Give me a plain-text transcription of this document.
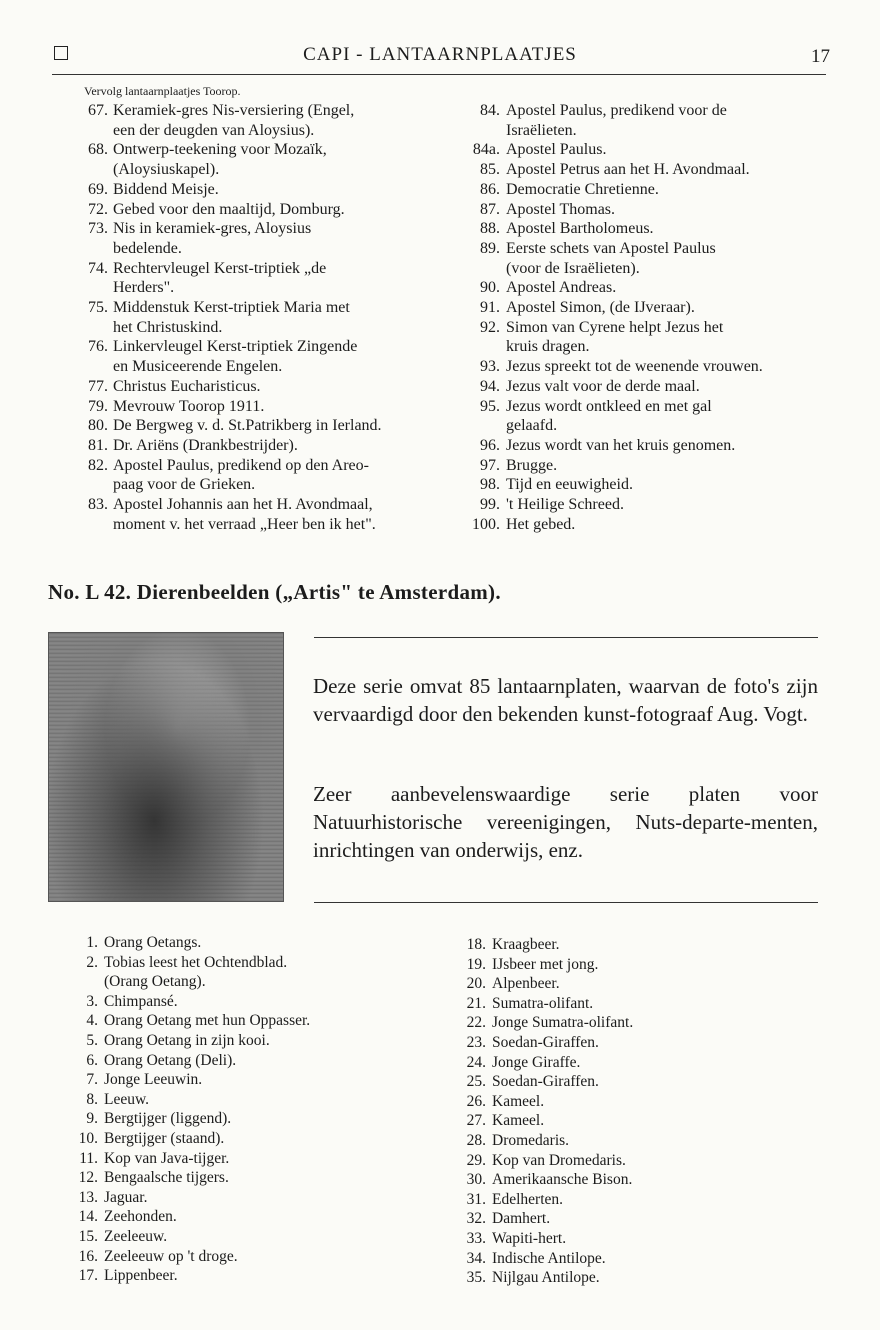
CAPI - LANTAARNPLAATJES	17
Vervolg lantaarnplaatjes Toorop.
67. Keramiek-gres Nis-versiering (Engel,
een der deugden van Aloysius).
68. Ontwerp-teekening voor Mozaïk,
(Aloysiuskapel).
69. Biddend Meisje.
72. Gebed voor den maaltijd, Domburg.
73. Nis in keramiek-gres, Aloysius
bedelende.
74. Rechtervleugel Kerst-triptiek „de
Herders".
75. Middenstuk Kerst-triptiek Maria met
het Christuskind.
76. Linkervleugel Kerst-triptiek Zingende
en Musiceerende Engelen.
77. Christus Eucharisticus.
79. Mevrouw Toorop 1911.
80. De Bergweg v. d. St.Patrikberg in Ierland.
81. Dr. Ariëns (Drankbestrijder).
82. Apostel Paulus, predikend op den Areo-
paag voor de Grieken.
83. Apostel Johannis aan het H. Avondmaal,
moment v. het verraad „Heer ben ik het".
84. Apostel Paulus, predikend voor de
Israëlieten.
84a. Apostel Paulus.
85. Apostel Petrus aan het H. Avondmaal.
86. Democratie Chretienne.
87. Apostel Thomas.
88. Apostel Bartholomeus.
89. Eerste schets van Apostel Paulus
(voor de Israëlieten).
90. Apostel Andreas.
91. Apostel Simon, (de IJveraar).
92. Simon van Cyrene helpt Jezus het
kruis dragen.
93. Jezus spreekt tot de weenende vrouwen.
94. Jezus valt voor de derde maal.
95. Jezus wordt ontkleed en met gal
gelaafd.
96. Jezus wordt van het kruis genomen.
97. Brugge.
98. Tijd en eeuwigheid.
99. 't Heilige Schreed.
100. Het gebed.
No. L 42. Dierenbeelden („Artis" te Amsterdam).

Deze serie omvat 85 lantaarnplaten, waarvan de foto's zijn vervaardigd door den bekenden kunst-fotograaf Aug. Vogt.

Zeer aanbevelenswaardige serie platen voor Natuurhistorische vereenigingen, Nuts-departe-menten, inrichtingen van onderwijs, enz.

1. Orang Oetangs.
2. Tobias leest het Ochtendblad.
(Orang Oetang).
3. Chimpansé.
4. Orang Oetang met hun Oppasser.
5. Orang Oetang in zijn kooi.
6. Orang Oetang (Deli).
7. Jonge Leeuwin.
8. Leeuw.
9. Bergtijger (liggend).
10. Bergtijger (staand).
11. Kop van Java-tijger.
12. Bengaalsche tijgers.
13. Jaguar.
14. Zeehonden.
15. Zeeleeuw.
16. Zeeleeuw op 't droge.
17. Lippenbeer.
18. Kraagbeer.
19. IJsbeer met jong.
20. Alpenbeer.
21. Sumatra-olifant.
22. Jonge Sumatra-olifant.
23. Soedan-Giraffen.
24. Jonge Giraffe.
25. Soedan-Giraffen.
26. Kameel.
27. Kameel.
28. Dromedaris.
29. Kop van Dromedaris.
30. Amerikaansche Bison.
31. Edelherten.
32. Damhert.
33. Wapiti-hert.
34. Indische Antilope.
35. Nijlgau Antilope.
